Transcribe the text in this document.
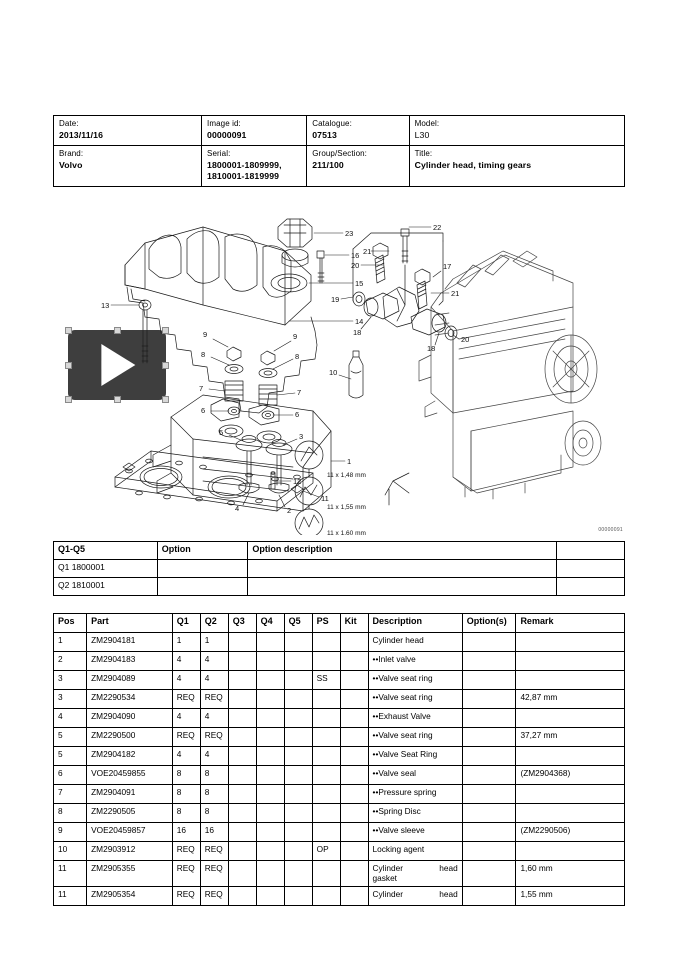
Date:
2013/11/16	Image id:
00000091	Catalogue:
07513	Model:
L30

Brand:
Volvo	Serial:
1800001-1809999,
1810001-1819999	Group/Section:
211/100	Title:
Cylinder head, timing gears
23
16
15
14
13
22
21
20
19
18
17
21
18
20
9	9
8	8
7	7
6	6
10
1
5	3
4	2
12
11
11 x 1,48 mm
11 x 1,55 mm
11 x 1,60 mm	00000091
Q1-Q5	Option	Option description	
Q1 1800001			
Q2 1810001			
Pos	Part	Q1	Q2	Q3	Q4	Q5	PS	Kit	Description	Option(s)	Remark
1	ZM2904181	1	1						Cylinder head		
2	ZM2904183	4	4						••Inlet valve		
3	ZM2904089	4	4				SS		••Valve seat ring		
3	ZM2290534	REQ	REQ						••Valve seat ring		42,87 mm
4	ZM2904090	4	4						••Exhaust Valve		
5	ZM2290500	REQ	REQ						••Valve seat ring		37,27 mm
5	ZM2904182	4	4						••Valve Seat Ring		
6	VOE20459855	8	8						••Valve seal		(ZM2904368)
7	ZM2904091	8	8						••Pressure spring		
8	ZM2290505	8	8						••Spring Disc		
9	VOE20459857	16	16						••Valve sleeve		(ZM2290506)
10	ZM2903912	REQ	REQ				OP		Locking agent		
11	ZM2905355	REQ	REQ						Cylinder head
gasket		1,60 mm
11	ZM2905354	REQ	REQ						Cylinder head		1,55 mm
